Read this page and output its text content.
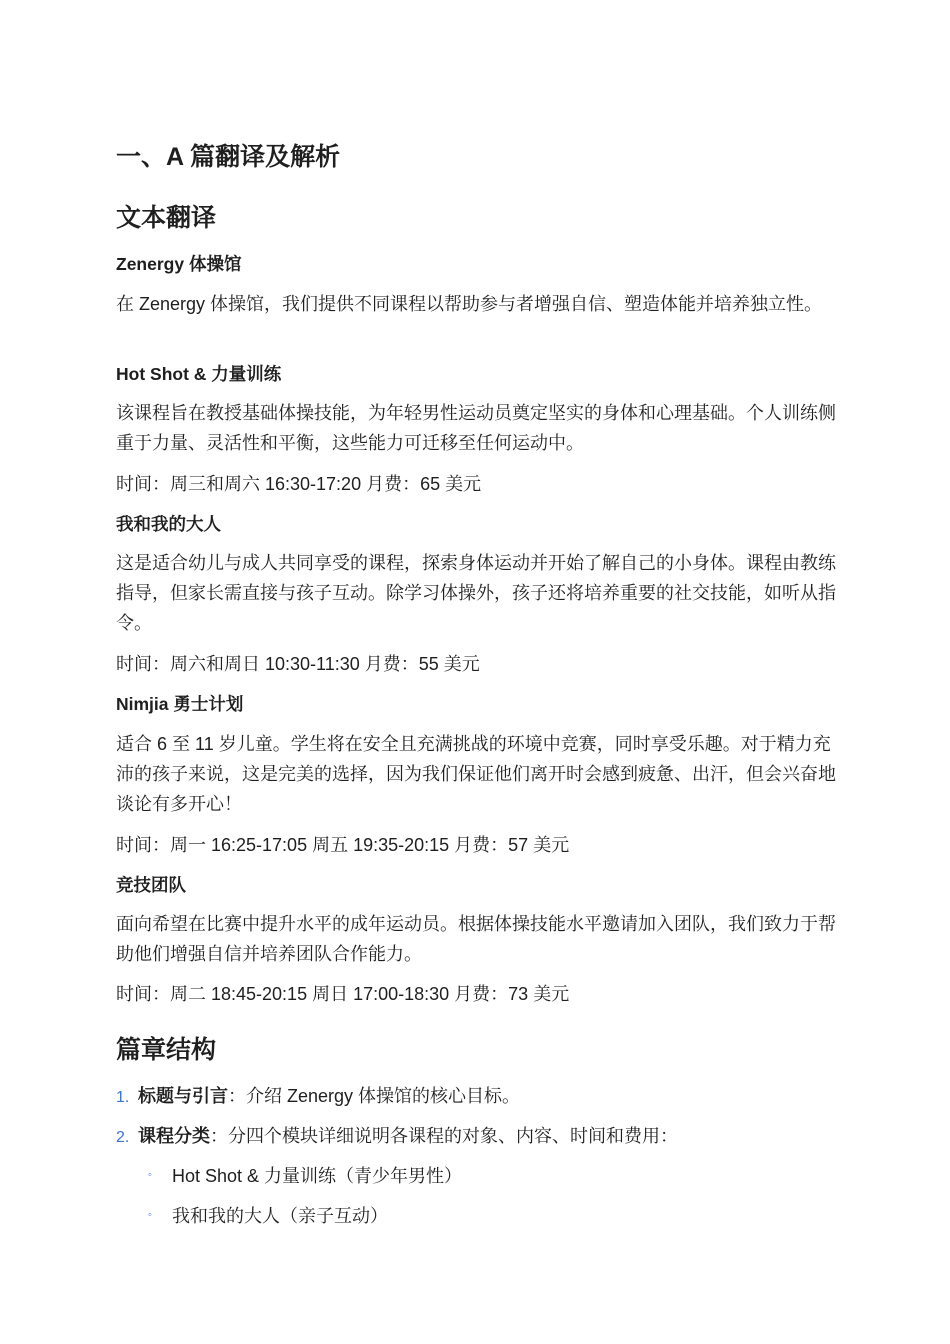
一、A 篇翻译及解析
文本翻译
Zenergy 体操馆

在 Zenergy 体操馆，我们提供不同课程以帮助参与者增强自信、塑造体能并培养独立性。

Hot Shot & 力量训练

该课程旨在教授基础体操技能，为年轻男性运动员奠定坚实的身体和心理基础。个人训练侧重于力量、灵活性和平衡，这些能力可迁移至任何运动中。

时间：周三和周六 16:30-17:20 月费：65 美元

我和我的大人

这是适合幼儿与成人共同享受的课程，探索身体运动并开始了解自己的小身体。课程由教练指导，但家长需直接与孩子互动。除学习体操外，孩子还将培养重要的社交技能，如听从指令。

时间：周六和周日 10:30-11:30 月费：55 美元

Nimjia 勇士计划

适合 6 至 11 岁儿童。学生将在安全且充满挑战的环境中竞赛，同时享受乐趣。对于精力充沛的孩子来说，这是完美的选择，因为我们保证他们离开时会感到疲惫、出汗，但会兴奋地谈论有多开心！

时间：周一 16:25-17:05 周五 19:35-20:15 月费：57 美元

竞技团队

面向希望在比赛中提升水平的成年运动员。根据体操技能水平邀请加入团队，我们致力于帮助他们增强自信并培养团队合作能力。

时间：周二 18:45-20:15 周日 17:00-18:30 月费：73 美元

篇章结构
1. 标题与引言：介绍 Zenergy 体操馆的核心目标。
2. 课程分类：分四个模块详细说明各课程的对象、内容、时间和费用：
◦ Hot Shot & 力量训练（青少年男性）
◦ 我和我的大人（亲子互动）
